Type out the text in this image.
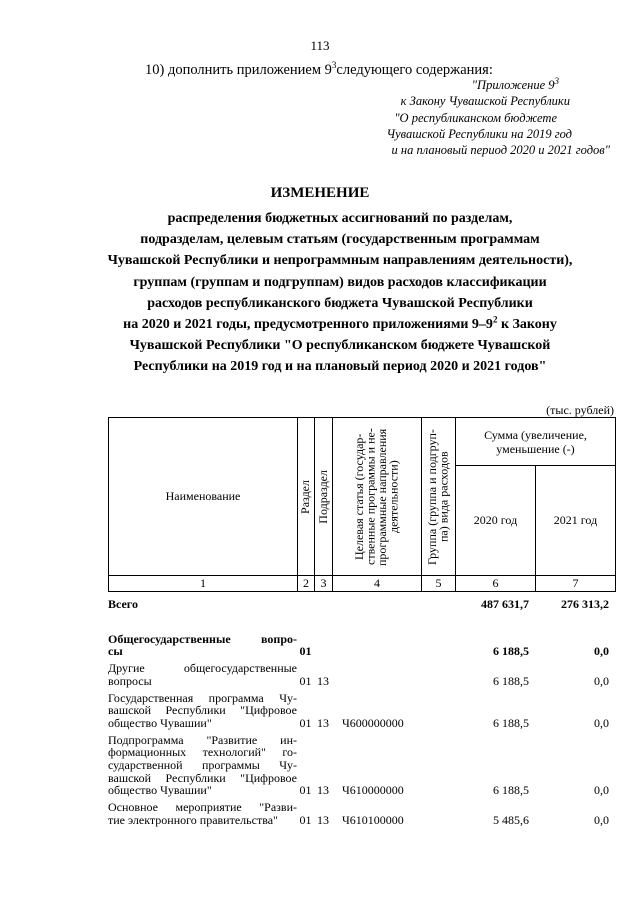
113
10) дополнить приложением $9^3следующего$ содержания:
"Приложение $9^3$
к Закону Чувашской Республики
"О республиканском бюджете
Чувашской Республики на 2019 год
и на плановый период 2020 и 2021 годов"
ИЗМЕНЕНИЕ
распределения бюджетных ассигнований по разделам,
подразделам, целевым статьям (государственным программам
Чувашской Республики и непрограммным направлениям деятельности),
группам (группам и подгруппам) видов расходов классификации
расходов республиканского бюджета Чувашской Республики
на 2020 и 2021 годы, предусмотренного приложениями $9-9^2$ к Закону
Чувашской Республики "О республиканском бюджете Чувашской
Республики на 2019 год и на плановый период 2020 и 2021 годов"
(тыс. рублей)
Наименование	Раздел	Подраздел	Целевая статья (государ-ственные программы и не-программные направления деятельности)	Группа (группа и подгруп-па) вида расходов	Сумма (увеличение, уменьшение (-)	
					2020 год	2021 год
1	2	3	4	5	6	7
Всего					487 631,7	276 313,2

Общегосударственные вопро-
сы	01				6 188,5	0,0

Другие общегосударственные
вопросы	01	13			6 188,5	0,0

Государственная программа Чу-
вашской Республики "Цифровое
общество Чувашии"	01	13	Ч600000000		6 188,5	0,0

Подпрограмма "Развитие ин-
формационных технологий" го-
сударственной программы Чу-
вашской Республики "Цифровое
общество Чувашии"	01	13	Ч610000000		6 188,5	0,0

Основное мероприятие "Разви-
тие электронного правительства"	01	13	Ч610100000		5 485,6	0,0
